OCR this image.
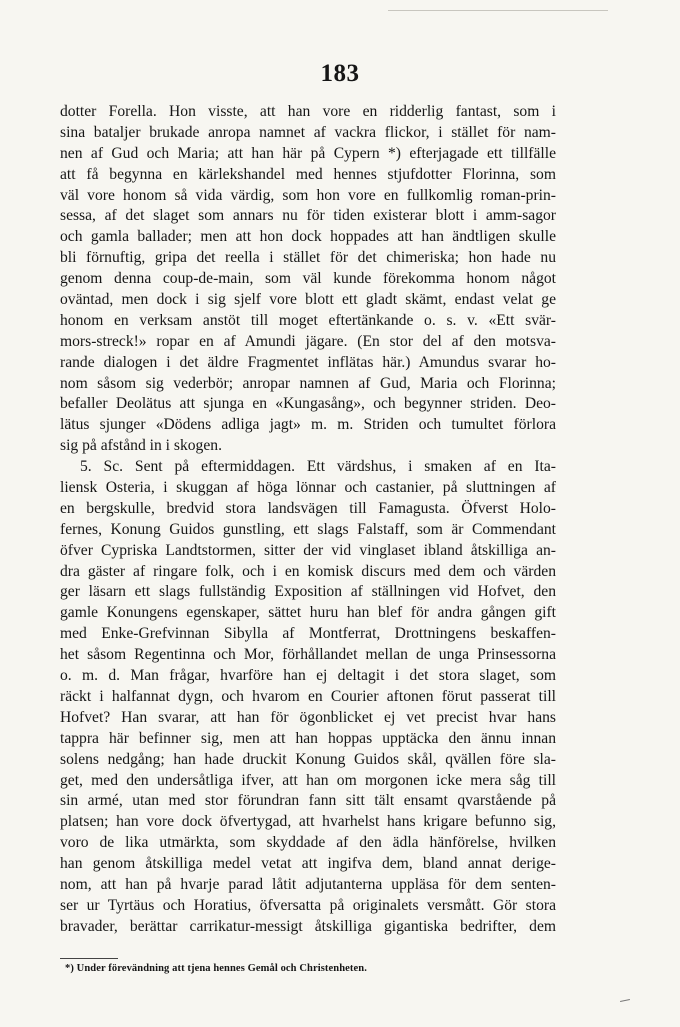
183
dotter Forella. Hon visste, att han vore en ridderlig fantast, som i
sina bataljer brukade anropa namnet af vackra flickor, i stället för nam-
nen af Gud och Maria; att han här på Cypern *) efterjagade ett tillfälle
att få begynna en kärlekshandel med hennes stjufdotter Florinna, som
väl vore honom så vida värdig, som hon vore en fullkomlig roman-prin-
sessa, af det slaget som annars nu för tiden existerar blott i amm-sagor
och gamla ballader; men att hon dock hoppades att han ändtligen skulle
bli förnuftig, gripa det reella i stället för det chimeriska; hon hade nu
genom denna coup-de-main, som väl kunde förekomma honom något
oväntad, men dock i sig sjelf vore blott ett gladt skämt, endast velat ge
honom en verksam anstöt till moget eftertänkande o. s. v. «Ett svär-
mors-streck!» ropar en af Amundi jägare. (En stor del af den motsva-
rande dialogen i det äldre Fragmentet inflätas här.) Amundus svarar ho-
nom såsom sig vederbör; anropar namnen af Gud, Maria och Florinna;
befaller Deolätus att sjunga en «Kungasång», och begynner striden. Deo-
lätus sjunger «Dödens adliga jagt» m. m. Striden och tumultet förlora
sig på afstånd in i skogen.
5. Sc. Sent på eftermiddagen. Ett värdshus, i smaken af en Ita-
liensk Osteria, i skuggan af höga lönnar och castanier, på sluttningen af
en bergskulle, bredvid stora landsvägen till Famagusta. Öfverst Holo-
fernes, Konung Guidos gunstling, ett slags Falstaff, som är Commendant
öfver Cypriska Landtstormen, sitter der vid vinglaset ibland åtskilliga an-
dra gäster af ringare folk, och i en komisk discurs med dem och värden
ger läsarn ett slags fullständig Exposition af ställningen vid Hofvet, den
gamle Konungens egenskaper, sättet huru han blef för andra gången gift
med Enke-Grefvinnan Sibylla af Montferrat, Drottningens beskaffen-
het såsom Regentinna och Mor, förhållandet mellan de unga Prinsessorna
o. m. d. Man frågar, hvarföre han ej deltagit i det stora slaget, som
räckt i halfannat dygn, och hvarom en Courier aftonen förut passerat till
Hofvet? Han svarar, att han för ögonblicket ej vet precist hvar hans
tappra här befinner sig, men att han hoppas upptäcka den ännu innan
solens nedgång; han hade druckit Konung Guidos skål, qvällen före sla-
get, med den undersåtliga ifver, att han om morgonen icke mera såg till
sin armé, utan med stor förundran fann sitt tält ensamt qvarstående på
platsen; han vore dock öfvertygad, att hvarhelst hans krigare befunno sig,
voro de lika utmärkta, som skyddade af den ädla hänförelse, hvilken
han genom åtskilliga medel vetat att ingifva dem, bland annat derige-
nom, att han på hvarje parad låtit adjutanterna uppläsa för dem senten-
ser ur Tyrtäus och Horatius, öfversatta på originalets versmått. Gör stora
bravader, berättar carrikatur-messigt åtskilliga gigantiska bedrifter, dem
*) Under förevändning att tjena hennes Gemål och Christenheten.
